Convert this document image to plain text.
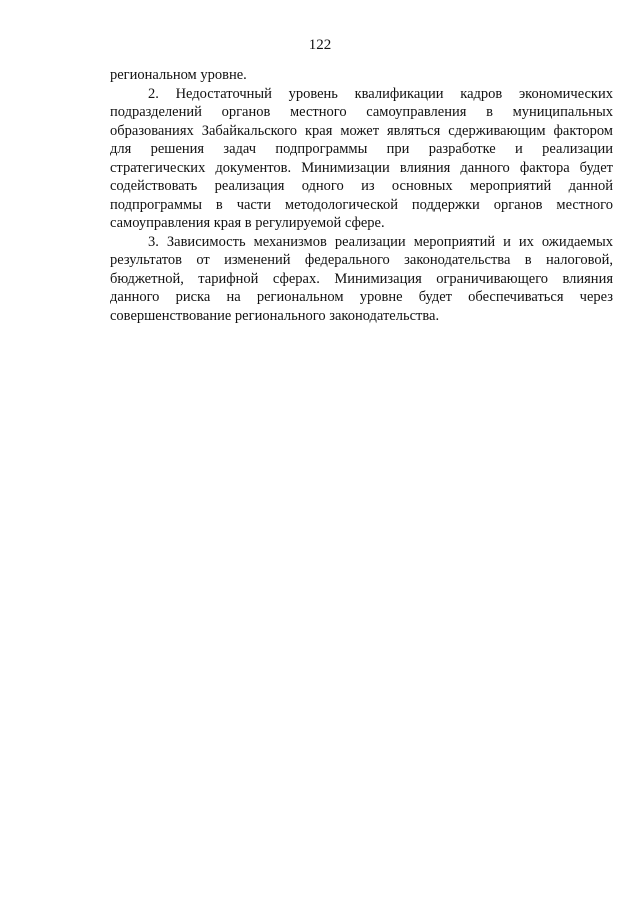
122
региональном уровне.
2. Недостаточный уровень квалификации кадров экономических
подразделений органов местного самоуправления в муниципальных
образованиях Забайкальского края может являться сдерживающим фактором
для решения задач подпрограммы при разработке и реализации
стратегических документов. Минимизации влияния данного фактора будет
содействовать реализация одного из основных мероприятий данной
подпрограммы в части методологической поддержки органов местного
самоуправления края в регулируемой сфере.
3. Зависимость механизмов реализации мероприятий и их ожидаемых
результатов от изменений федерального законодательства в налоговой,
бюджетной, тарифной сферах. Минимизация ограничивающего влияния
данного риска на региональном уровне будет обеспечиваться через
совершенствование регионального законодательства.
